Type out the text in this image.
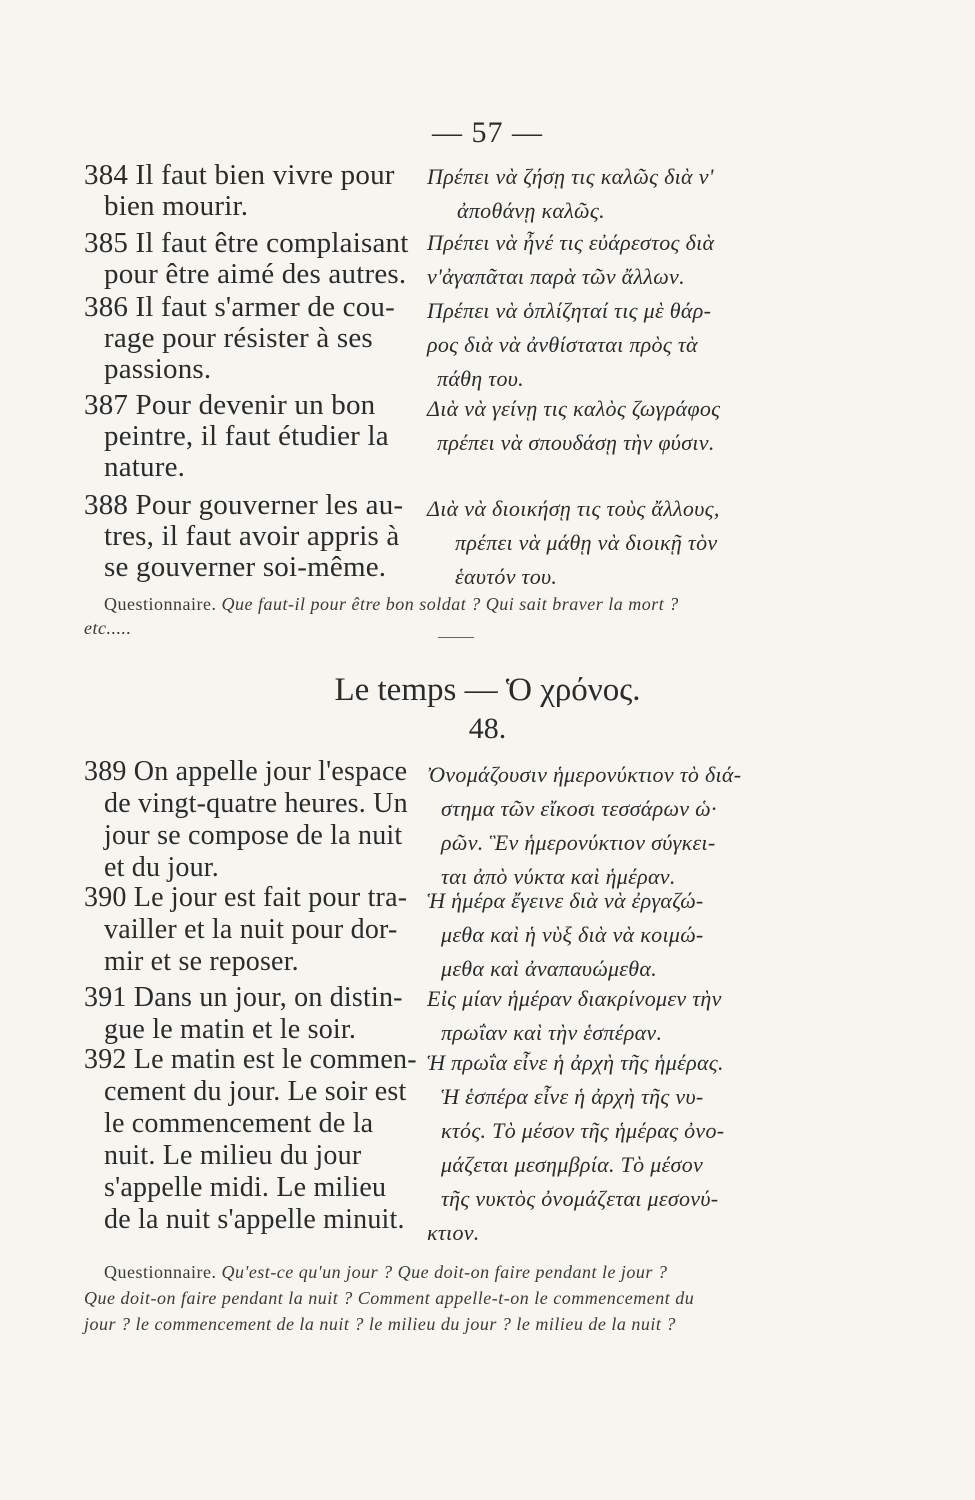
— 57 —
384 Il faut bien vivre pour
bien mourir.
Πρέπει νὰ ζήσῃ τις καλῶς διὰ ν'
ἀποθάνῃ καλῶς.
385 Il faut être complaisant
pour être aimé des autres.
Πρέπει νὰ ἦνέ τις εὐάρεστος διὰ
ν'ἀγαπᾶται παρὰ τῶν ἄλλων.
386 Il faut s'armer de cou-
rage pour résister à ses
passions.
Πρέπει νὰ ὁπλίζηταί τις μὲ θάρ-
ρος διὰ νὰ ἀνθίσταται πρὸς τὰ
πάθη του.
387 Pour devenir un bon
peintre, il faut étudier la
nature.
Διὰ νὰ γείνῃ τις καλὸς ζωγράφος
πρέπει νὰ σπουδάσῃ τὴν φύσιν.
388 Pour gouverner les au-
tres, il faut avoir appris à
se gouverner soi-même.
Διὰ νὰ διοικήσῃ τις τοὺς ἄλλους,
πρέπει νὰ μάθῃ νὰ διοικῇ τὸν
ἑαυτόν του.
Questionnaire. Que faut-il pour être bon soldat ? Qui sait braver la mort ?
etc.....
Le temps — Ὁ χρόνος.
48.
389 On appelle jour l'espace
de vingt-quatre heures. Un
jour se compose de la nuit
et du jour.
Ὀνομάζουσιν ἡμερονύκτιον τὸ διά-
στημα τῶν εἴκοσι τεσσάρων ὡ·
ρῶν. Ἓν ἡμερονύκτιον σύγκει-
ται ἀπὸ νύκτα καὶ ἡμέραν.
390 Le jour est fait pour tra-
vailler et la nuit pour dor-
mir et se reposer.
Ἡ ἡμέρα ἔγεινε διὰ νὰ ἐργαζώ-
μεθα καὶ ἡ νὺξ διὰ νὰ κοιμώ-
μεθα καὶ ἀναπαυώμεθα.
391 Dans un jour, on distin-
gue le matin et le soir.
Εἰς μίαν ἡμέραν διακρίνομεν τὴν
πρωΐαν καὶ τὴν ἑσπέραν.
392 Le matin est le commen-
cement du jour. Le soir est
le commencement de la
nuit. Le milieu du jour
s'appelle midi. Le milieu
de la nuit s'appelle minuit.
Ἡ πρωΐα εἶνε ἡ ἀρχὴ τῆς ἡμέρας.
Ἡ ἑσπέρα εἶνε ἡ ἀρχὴ τῆς νυ-
κτός. Τὸ μέσον τῆς ἡμέρας ὀνο-
μάζεται μεσημβρία. Τὸ μέσον
τῆς νυκτὸς ὀνομάζεται μεσονύ-
κτιον.
Questionnaire. Qu'est-ce qu'un jour ? Que doit-on faire pendant le jour ?
Que doit-on faire pendant la nuit ? Comment appelle-t-on le commencement du
jour ? le commencement de la nuit ? le milieu du jour ? le milieu de la nuit ?
